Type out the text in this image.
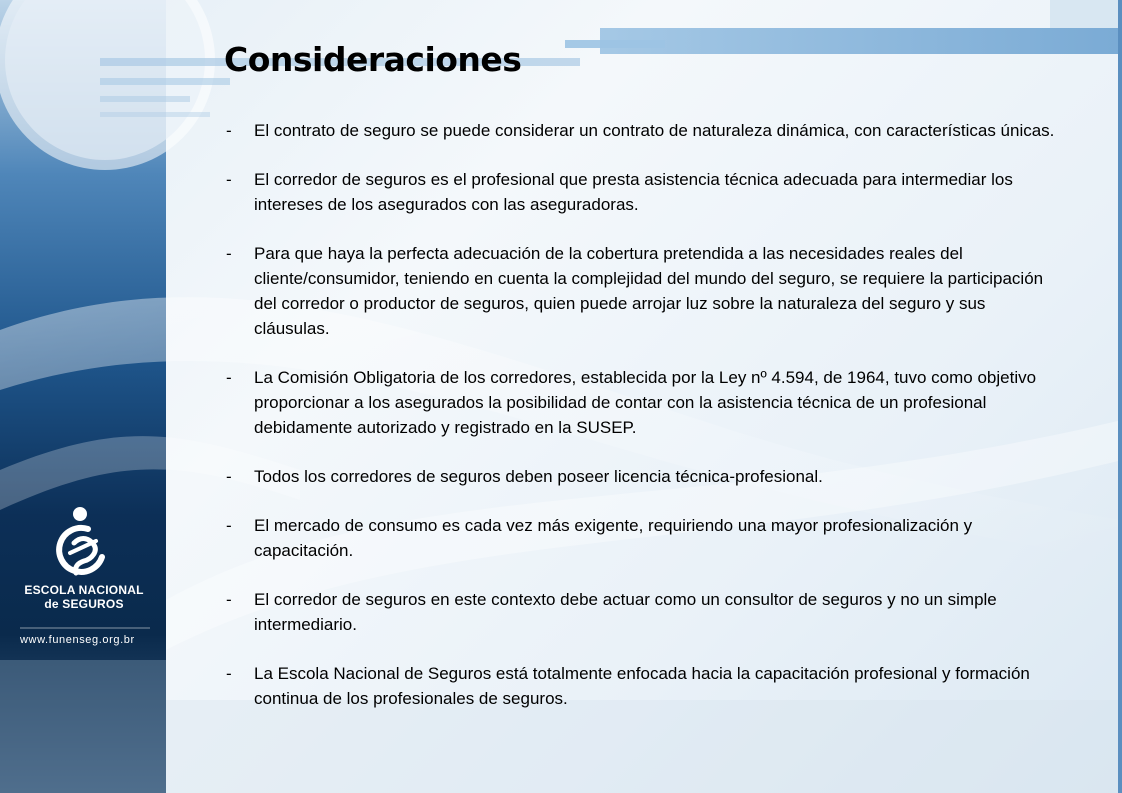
ESCOLA NACIONAL
de SEGUROS
www.funenseg.org.br
Consideraciones
- El contrato de seguro se puede considerar un contrato de naturaleza dinámica, con características únicas.
- El corredor de seguros es el profesional que presta asistencia técnica adecuada para intermediar los intereses de los asegurados con las aseguradoras.
- Para que haya la perfecta adecuación de la cobertura pretendida a las necesidades reales del cliente/consumidor, teniendo en cuenta la complejidad del mundo del seguro, se requiere la participación del corredor o productor de seguros, quien puede arrojar luz sobre la naturaleza del seguro y sus cláusulas.
- La Comisión Obligatoria de los corredores, establecida por la Ley nº 4.594, de 1964, tuvo como objetivo proporcionar a los asegurados la posibilidad de contar con la asistencia técnica de un profesional debidamente autorizado y registrado en la SUSEP.
- Todos los corredores de seguros deben poseer licencia técnica-profesional.
- El mercado de consumo es cada vez más exigente, requiriendo una mayor profesionalización y capacitación.
- El corredor de seguros en este contexto debe actuar como un consultor de seguros y no un simple intermediario.
- La Escola Nacional de Seguros está totalmente enfocada hacia la capacitación profesional y formación continua de los profesionales de seguros.
